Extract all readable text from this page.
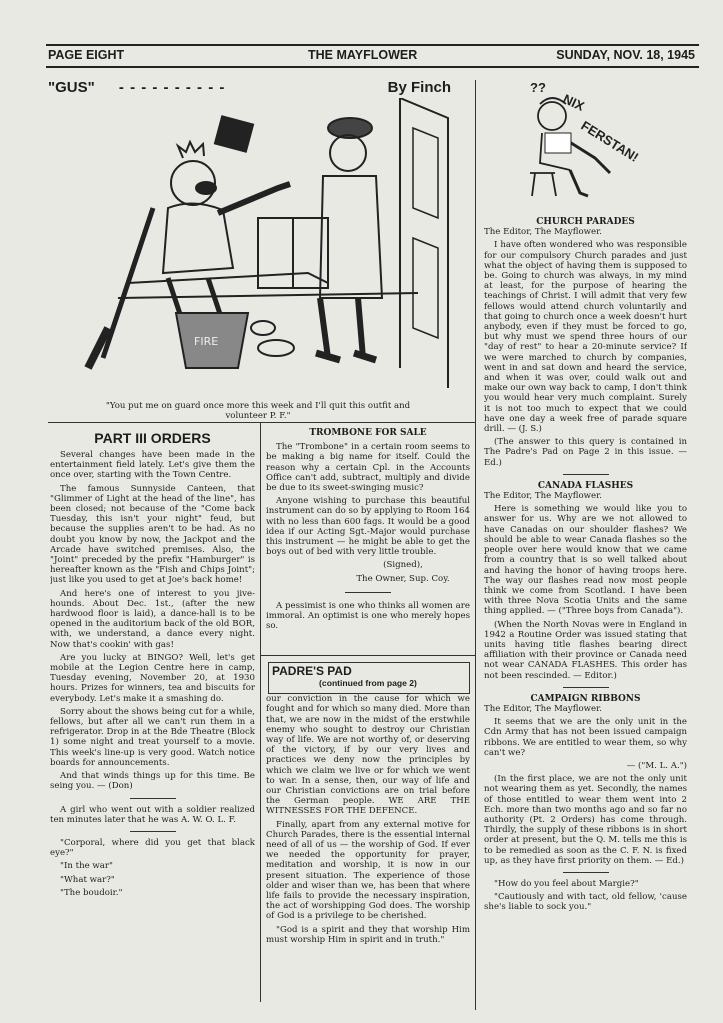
PAGE EIGHT	THE MAYFLOWER	SUNDAY, NOV. 18, 1945
"GUS" - - - - - - - - - -	By Finch
FIRE
"You put me on guard once more this week and I'll quit this outfit and
volunteer P. F."
PART III ORDERS

Several changes have been made in the entertainment field lately. Let's give them the once over, starting with the Town Centre.

The famous Sunnyside Canteen, that "Glimmer of Light at the head of the line", has been closed; not because of the "Come back Tuesday, this isn't your night" feud, but because the supplies aren't to be had. As no doubt you know by now, the Jackpot and the Arcade have switched premises. Also, the "Joint" preceded by the prefix "Hamburger" is hereafter known as the "Fish and Chips Joint"; just like you used to get at Joe's back home!

And here's one of interest to you jive-hounds. About Dec. 1st., (after the new hardwood floor is laid), a dance-hall is to be opened in the auditorium back of the old BOR, with, we understand, a dance every night. Now that's cookin' with gas!

Are you lucky at BINGO? Well, let's get mobile at the Legion Centre here in camp, Tuesday evening, November 20, at 1930 hours. Prizes for winners, tea and biscuits for everybody. Let's make it a smashing do.

Sorry about the shows being cut for a while, fellows, but after all we can't run them in a refrigerator. Drop in at the Bde Theatre (Block 1) some night and treat yourself to a movie. This week's line-up is very good. Watch notice boards for announcements.

And that winds things up for this time. Be seing you. — (Don)

A girl who went out with a soldier realized ten minutes later that he was A. W. O. L. F.

"Corporal, where did you get that black eye?"

"In the war"

"What war?"

"The boudoir."

TROMBONE FOR SALE

The "Trombone" in a certain room seems to be making a big name for itself. Could the reason why a certain Cpl. in the Accounts Office can't add, subtract, multiply and divide be due to its sweet-swinging music?

Anyone wishing to purchase this beautiful instrument can do so by applying to Room 164 with no less than 600 fags. It would be a good idea if our Acting Sgt.-Major would purchase this instrument — he might be able to get the boys out of bed with very little trouble.

(Signed),

The Owner, Sup. Coy.

A pessimist is one who thinks all women are immoral. An optimist is one who merely hopes so.

PADRE'S PAD
(continued from page 2)

our conviction in the cause for which we fought and for which so many died. More than that, we are now in the midst of the erstwhile enemy who sought to destroy our Christian way of life. We are not worthy of, or deserving of the victory, if by our very lives and practices we deny now the principles by which we claim we live or for which we went to war. In a sense, then, our way of life and our Christian convictions are on trial before the German people. WE ARE THE WITNESSES FOR THE DEFENCE.

Finally, apart from any external motive for Church Parades, there is the essential internal need of all of us — the worship of God. If ever we needed the opportunity for prayer, meditation and worship, it is now in our present situation. The experience of those older and wiser than we, has been that where life fails to provide the necessary inspiration, the act of worshipping God does. The worship of God is a privilege to be cherished.

"God is a spirit and they that worship Him must worship Him in spirit and in truth."

??
NIX
FERSTAN!
CHURCH PARADES

The Editor, The Mayflower.

I have often wondered who was responsible for our compulsory Church parades and just what the object of having them is supposed to be. Going to church was always, in my mind at least, for the purpose of hearing the teachings of Christ. I will admit that very few fellows would attend church voluntarily and that going to church once a week doesn't hurt anybody, even if they must be forced to go, but why must we spend three hours of our "day of rest" to hear a 20-minute service? If we were marched to church by companies, went in and sat down and heard the service, and when it was over, could walk out and make our own way back to camp, I don't think you would hear very much complaint. Surely it is not too much to expect that we could have one day a week free of parade square drill. — (J. S.)

(The answer to this query is contained in The Padre's Pad on Page 2 in this issue. — Ed.)

CANADA FLASHES

The Editor, The Mayflower.

Here is something we would like you to answer for us. Why are we not allowed to have Canadas on our shoulder flashes? We should be able to wear Canada flashes so the people over here would know that we came from a country that is so well talked about and having the honor of having troops here. The way our flashes read now most people think we come from Scotland. I have been with three Nova Scotia Units and the same thing applied. — ("Three boys from Canada").

(When the North Novas were in England in 1942 a Routine Order was issued stating that units having title flashes bearing direct affiliation with their province or Canada need not wear CANADA FLASHES. This order has not been rescinded. — Editor.)

CAMPAIGN RIBBONS

The Editor, The Mayflower.

It seems that we are the only unit in the Cdn Army that has not been issued campaign ribbons. We are entitled to wear them, so why can't we?

— ("M. L. A.")

(In the first place, we are not the only unit not wearing them as yet. Secondly, the names of those entitled to wear them went into 2 Ech. more than two months ago and so far no authority (Pt. 2 Orders) has come through. Thirdly, the supply of these ribbons is in short order at present, but the Q. M. tells me this is to be remedied as soon as the C. F. N. is fixed up, as they have first priority on them. — Ed.)

"How do you feel about Margie?"

"Cautiously and with tact, old fellow, 'cause she's liable to sock you."
